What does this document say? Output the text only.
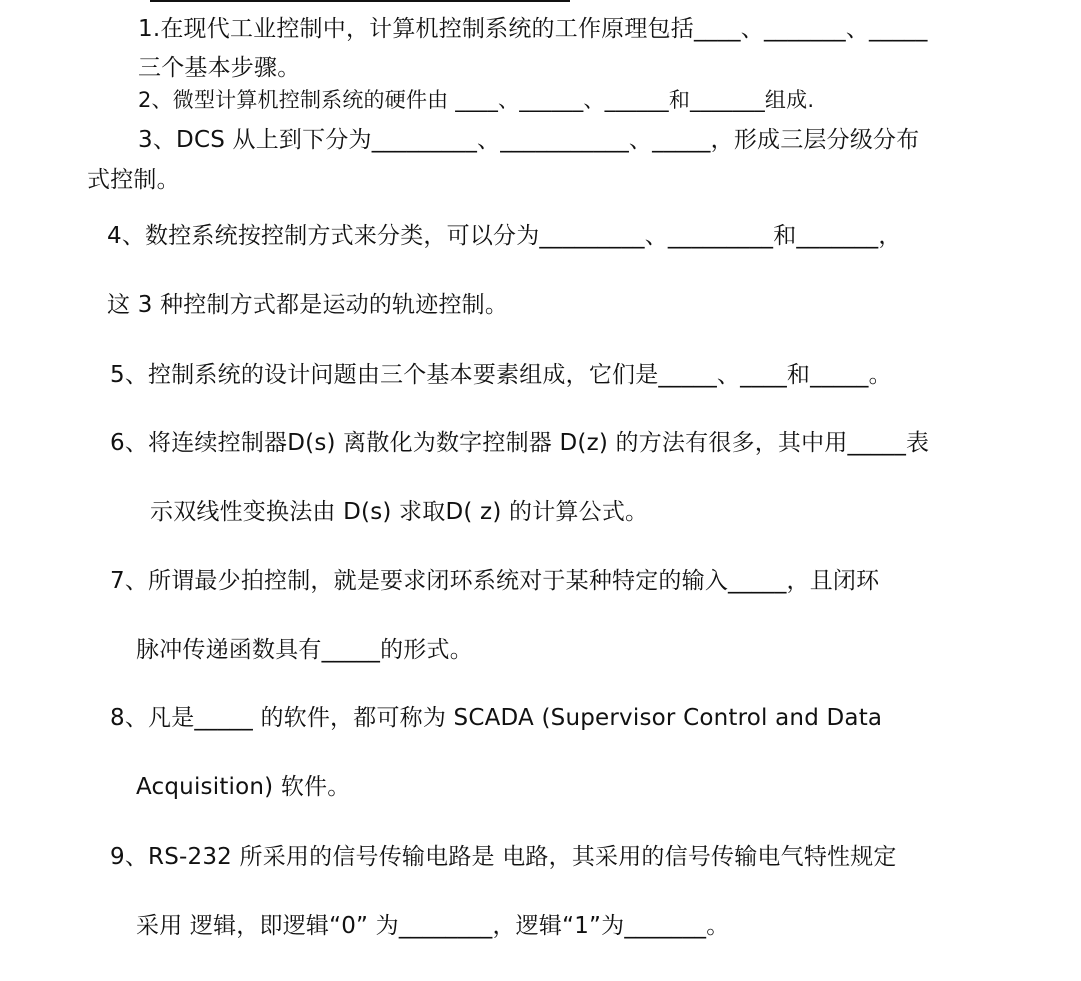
1.在现代工业控制中，计算机控制系统的工作原理包括____、_______、_____
三个基本步骤。
2、微型计算机控制系统的硬件由 ____、______、______和_______组成.
3、DCS 从上到下分为_________、___________、_____，形成三层分级分布
式控制。
4、数控系统按控制方式来分类，可以分为_________、_________和_______，
这 3 种控制方式都是运动的轨迹控制。
5、控制系统的设计问题由三个基本要素组成，它们是_____、____和_____。
6、将连续控制器D(s) 离散化为数字控制器 D(z) 的方法有很多，其中用_____表
示双线性变换法由 D(s) 求取D( z) 的计算公式。
7、所谓最少拍控制，就是要求闭环系统对于某种特定的输入_____，且闭环
脉冲传递函数具有_____的形式。
8、凡是_____ 的软件，都可称为 SCADA (Supervisor Control and Data
Acquisition) 软件。
9、RS-232 所采用的信号传输电路是 电路，其采用的信号传输电气特性规定
采用 逻辑，即逻辑“0” 为________，逻辑“1”为_______。
